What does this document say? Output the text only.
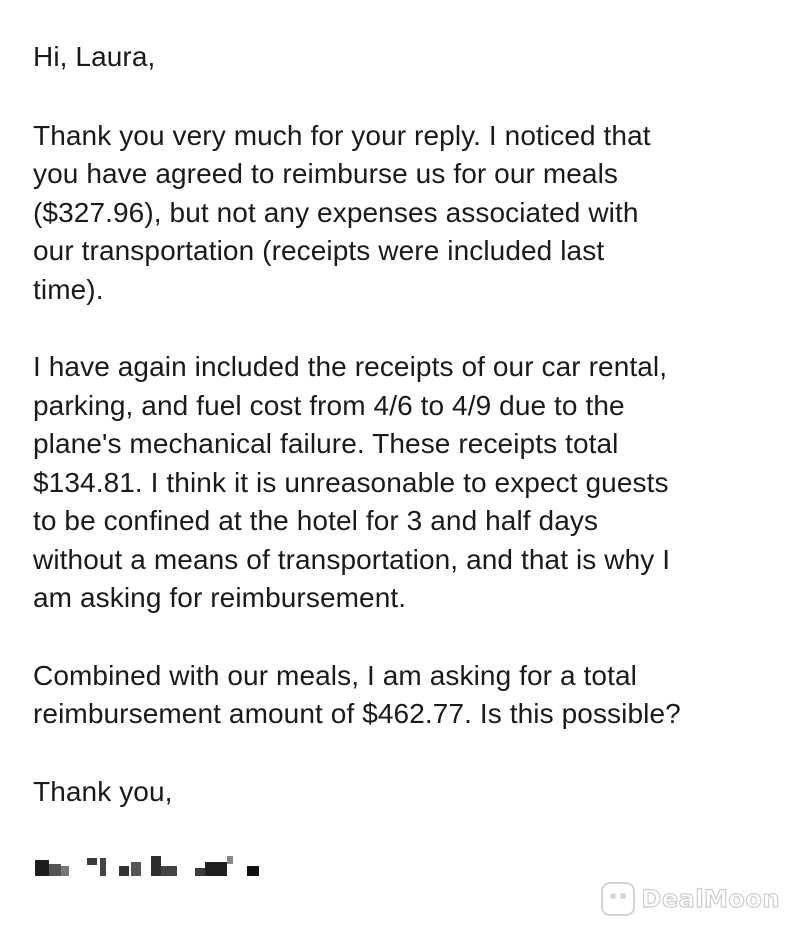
Hi, Laura,

Thank you very much for your reply. I noticed that
you have agreed to reimburse us for our meals
($327.96), but not any expenses associated with
our transportation (receipts were included last
time).

I have again included the receipts of our car rental,
parking, and fuel cost from 4/6 to 4/9 due to the
plane's mechanical failure. These receipts total
$134.81. I think it is unreasonable to expect guests
to be confined at the hotel for 3 and half days
without a means of transportation, and that is why I
am asking for reimbursement.

Combined with our meals, I am asking for a total
reimbursement amount of $462.77. Is this possible?

Thank you,

DealMoon
